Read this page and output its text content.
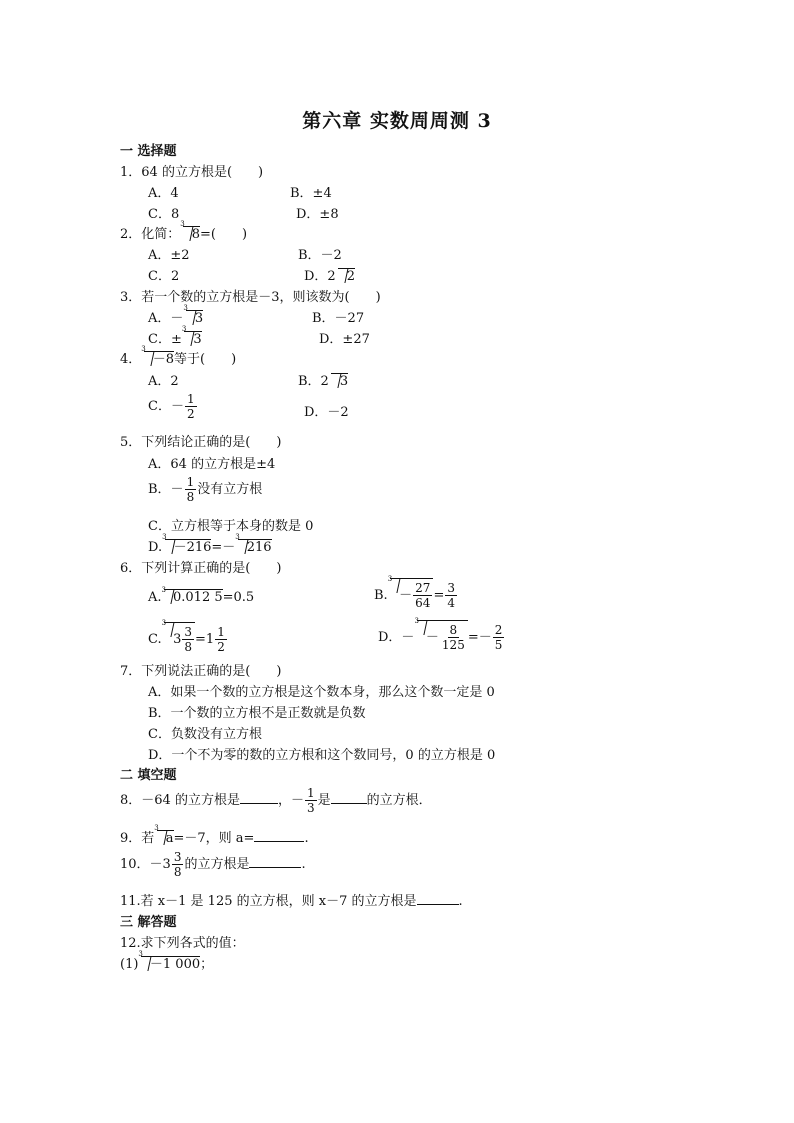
第六章 实数周周测 3
一 选择题
1．64 的立方根是(　　)
A．4	B．±4
C．8	D．±8
2．化简：$^3$8=(　　)
A．±2	B．－2
C．2	D．2 2
3．若一个数的立方根是－3，则该数为(　　)
A．－$^3$3	B．－27
C．±$^3$3	D．±27
4．$^3$－8等于(　　)
A．2	B．2 3
C．－ $\frac{1}{2}$	D．－2
5．下列结论正确的是(　　)
A．64 的立方根是±4
B．－ $\frac{1}{8}$ 没有立方根
C．立方根等于本身的数是 0
D.$^3$－216=－$^3$216
6．下列计算正确的是(　　)
A.$^3$ 0.012 5=0.5	$B.^3- \frac{27}{64} = \frac{3}{4}$
$C.^33 \frac{3}{8} =1 \frac{1}{2}$	D．$-^3- \frac{8}{125} =- \frac{2}{5}$
7．下列说法正确的是(　　)
A．如果一个数的立方根是这个数本身，那么这个数一定是 0
B．一个数的立方根不是正数就是负数
C．负数没有立方根
D．一个不为零的数的立方根和这个数同号，0 的立方根是 0
二 填空题
8．－64 的立方根是	，－ $\frac{1}{3}$ 是	的立方根．
9．若$^3$a=－7，则 a=	.
10．$-3 \frac{3}{8}$ 的立方根是	.
11.若 x－1 是 125 的立方根，则 x－7 的立方根是	.
三 解答题
12.求下列各式的值：
$(1)^3-1$ 000；
